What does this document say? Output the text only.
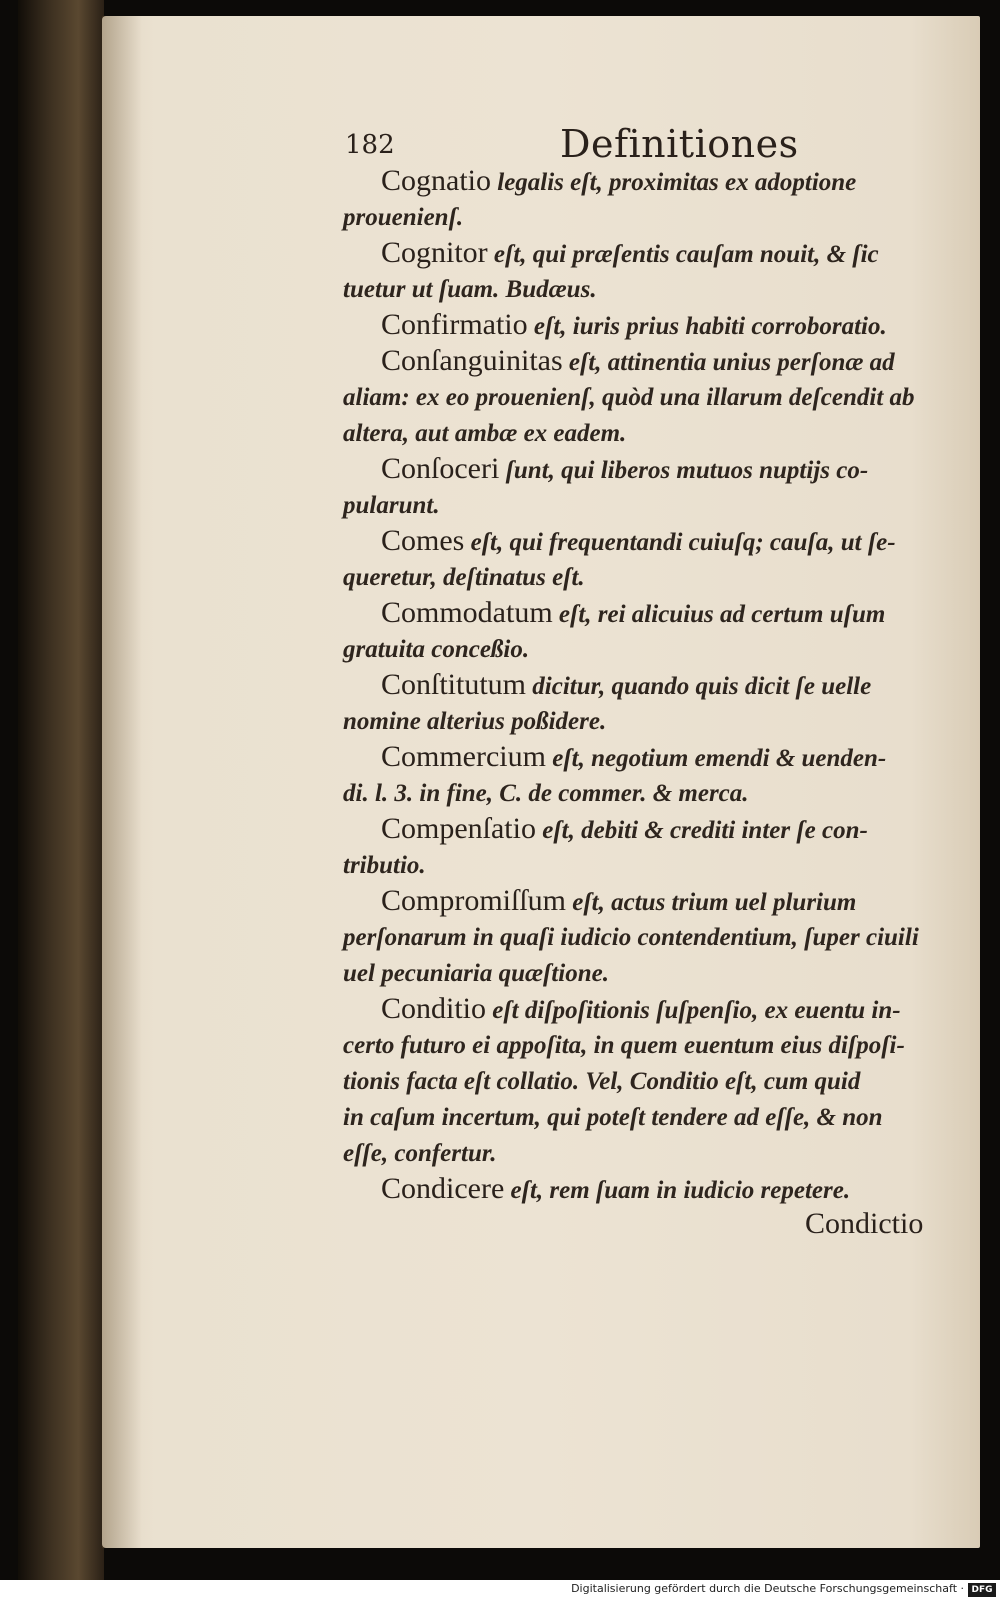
182	Definitiones
Cognatio legalis eſt, proximitas ex adoptione
prouenienſ.
Cognitor eſt, qui præſentis cauſam nouit, & ſic
tuetur ut ſuam. Budæus.
Confirmatio eſt, iuris prius habiti corroboratio.
Conſanguinitas eſt, attinentia unius perſonæ ad
aliam: ex eo prouenienſ, quòd una illarum deſcendit ab
altera, aut ambæ ex eadem.
Conſoceri ſunt, qui liberos mutuos nuptijs co-
pularunt.
Comes eſt, qui frequentandi cuiuſq; cauſa, ut ſe-
queretur, deſtinatus eſt.
Commodatum eſt, rei alicuius ad certum uſum
gratuita conceßio.
Conſtitutum dicitur, quando quis dicit ſe uelle
nomine alterius poßidere.
Commercium eſt, negotium emendi & uenden-
di. l. 3. in fine, C. de commer. & merca.
Compenſatio eſt, debiti & crediti inter ſe con-
tributio.
Compromiſſum eſt, actus trium uel plurium
perſonarum in quaſi iudicio contendentium, ſuper ciuili
uel pecuniaria quæſtione.
Conditio eſt diſpoſitionis ſuſpenſio, ex euentu in-
certo futuro ei appoſita, in quem euentum eius diſpoſi-
tionis facta eſt collatio. Vel, Conditio eſt, cum quid
in caſum incertum, qui poteſt tendere ad eſſe, & non
eſſe, confertur.
Condicere eſt, rem ſuam in iudicio repetere.
Condictio
Digitalisierung gefördert durch die Deutsche Forschungsgemeinschaft · DFG
